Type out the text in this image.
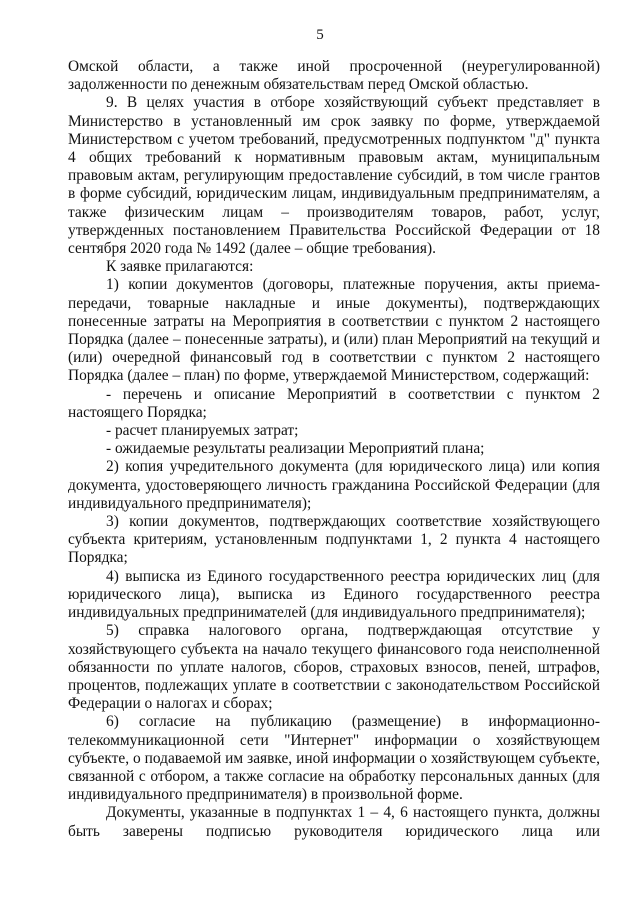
5

Омской области, а также иной просроченной (неурегулированной) задолженности по денежным обязательствам перед Омской областью.

9. В целях участия в отборе хозяйствующий субъект представляет в Министерство в установленный им срок заявку по форме, утверждаемой Министерством с учетом требований, предусмотренных подпунктом "д" пункта 4 общих требований к нормативным правовым актам, муниципальным правовым актам, регулирующим предоставление субсидий, в том числе грантов в форме субсидий, юридическим лицам, индивидуальным предпринимателям, а также физическим лицам – производителям товаров, работ, услуг, утвержденных постановлением Правительства Российской Федерации от 18 сентября 2020 года № 1492 (далее – общие требования).

К заявке прилагаются:

1) копии документов (договоры, платежные поручения, акты приема-передачи, товарные накладные и иные документы), подтверждающих понесенные затраты на Мероприятия в соответствии с пунктом 2 настоящего Порядка (далее – понесенные затраты), и (или) план Мероприятий на текущий и (или) очередной финансовый год в соответствии с пунктом 2 настоящего Порядка (далее – план) по форме, утверждаемой Министерством, содержащий:

- перечень и описание Мероприятий в соответствии с пунктом 2 настоящего Порядка;

- расчет планируемых затрат;

- ожидаемые результаты реализации Мероприятий плана;

2) копия учредительного документа (для юридического лица) или копия документа, удостоверяющего личность гражданина Российской Федерации (для индивидуального предпринимателя);

3) копии документов, подтверждающих соответствие хозяйствующего субъекта критериям, установленным подпунктами 1, 2 пункта 4 настоящего Порядка;

4) выписка из Единого государственного реестра юридических лиц (для юридического лица), выписка из Единого государственного реестра индивидуальных предпринимателей (для индивидуального предпринимателя);

5) справка налогового органа, подтверждающая отсутствие у хозяйствующего субъекта на начало текущего финансового года неисполненной обязанности по уплате налогов, сборов, страховых взносов, пеней, штрафов, процентов, подлежащих уплате в соответствии с законодательством Российской Федерации о налогах и сборах;

6) согласие на публикацию (размещение) в информационно-телекоммуникационной сети "Интернет" информации о хозяйствующем субъекте, о подаваемой им заявке, иной информации о хозяйствующем субъекте, связанной с отбором, а также согласие на обработку персональных данных (для индивидуального предпринимателя) в произвольной форме.

Документы, указанные в подпунктах 1 – 4, 6 настоящего пункта, должны быть заверены подписью руководителя юридического лица или
